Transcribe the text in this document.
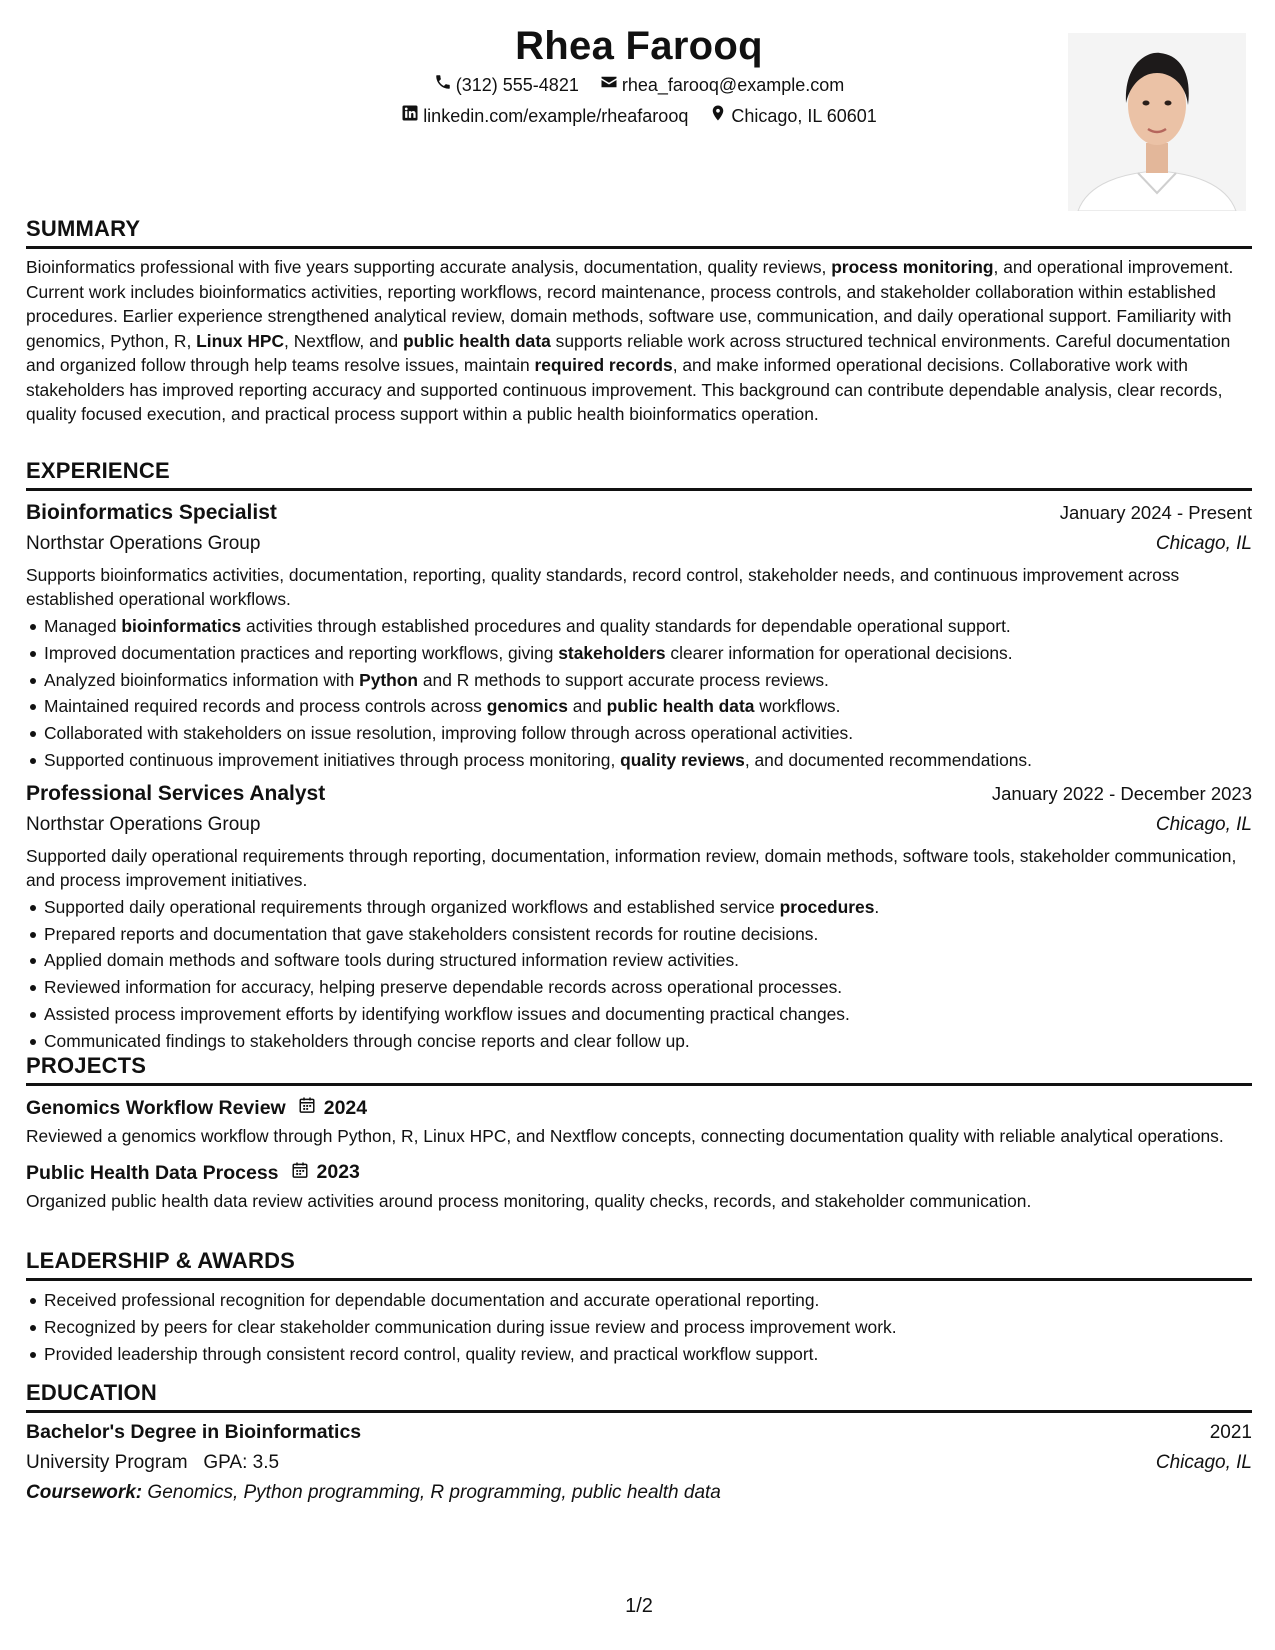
Rhea Farooq
(312) 555-4821
rhea_farooq@example.com
linkedin.com/example/rheafarooq
Chicago, IL 60601
SUMMARY
Bioinformatics professional with five years supporting accurate analysis, documentation, quality reviews, process monitoring, and operational improvement. Current work includes bioinformatics activities, reporting workflows, record maintenance, process controls, and stakeholder collaboration within established procedures. Earlier experience strengthened analytical review, domain methods, software use, communication, and daily operational support. Familiarity with genomics, Python, R, Linux HPC, Nextflow, and public health data supports reliable work across structured technical environments. Careful documentation and organized follow through help teams resolve issues, maintain required records, and make informed operational decisions. Collaborative work with stakeholders has improved reporting accuracy and supported continuous improvement. This background can contribute dependable analysis, clear records, quality focused execution, and practical process support within a public health bioinformatics operation.
EXPERIENCE
Bioinformatics Specialist	January 2024 - Present
Northstar Operations Group	Chicago, IL
Supports bioinformatics activities, documentation, reporting, quality standards, record control, stakeholder needs, and continuous improvement across established operational workflows.
Managed bioinformatics activities through established procedures and quality standards for dependable operational support.
Improved documentation practices and reporting workflows, giving stakeholders clearer information for operational decisions.
Analyzed bioinformatics information with Python and R methods to support accurate process reviews.
Maintained required records and process controls across genomics and public health data workflows.
Collaborated with stakeholders on issue resolution, improving follow through across operational activities.
Supported continuous improvement initiatives through process monitoring, quality reviews, and documented recommendations.
Professional Services Analyst	January 2022 - December 2023
Northstar Operations Group	Chicago, IL
Supported daily operational requirements through reporting, documentation, information review, domain methods, software tools, stakeholder communication, and process improvement initiatives.
Supported daily operational requirements through organized workflows and established service procedures.
Prepared reports and documentation that gave stakeholders consistent records for routine decisions.
Applied domain methods and software tools during structured information review activities.
Reviewed information for accuracy, helping preserve dependable records across operational processes.
Assisted process improvement efforts by identifying workflow issues and documenting practical changes.
Communicated findings to stakeholders through concise reports and clear follow up.
PROJECTS
Genomics Workflow Review 2024
Reviewed a genomics workflow through Python, R, Linux HPC, and Nextflow concepts, connecting documentation quality with reliable analytical operations.
Public Health Data Process 2023
Organized public health data review activities around process monitoring, quality checks, records, and stakeholder communication.
LEADERSHIP & AWARDS
Received professional recognition for dependable documentation and accurate operational reporting.
Recognized by peers for clear stakeholder communication during issue review and process improvement work.
Provided leadership through consistent record control, quality review, and practical workflow support.
EDUCATION
Bachelor's Degree in Bioinformatics	2021
University Program GPA: 3.5	Chicago, IL
Coursework: Genomics, Python programming, R programming, public health data
1/2
